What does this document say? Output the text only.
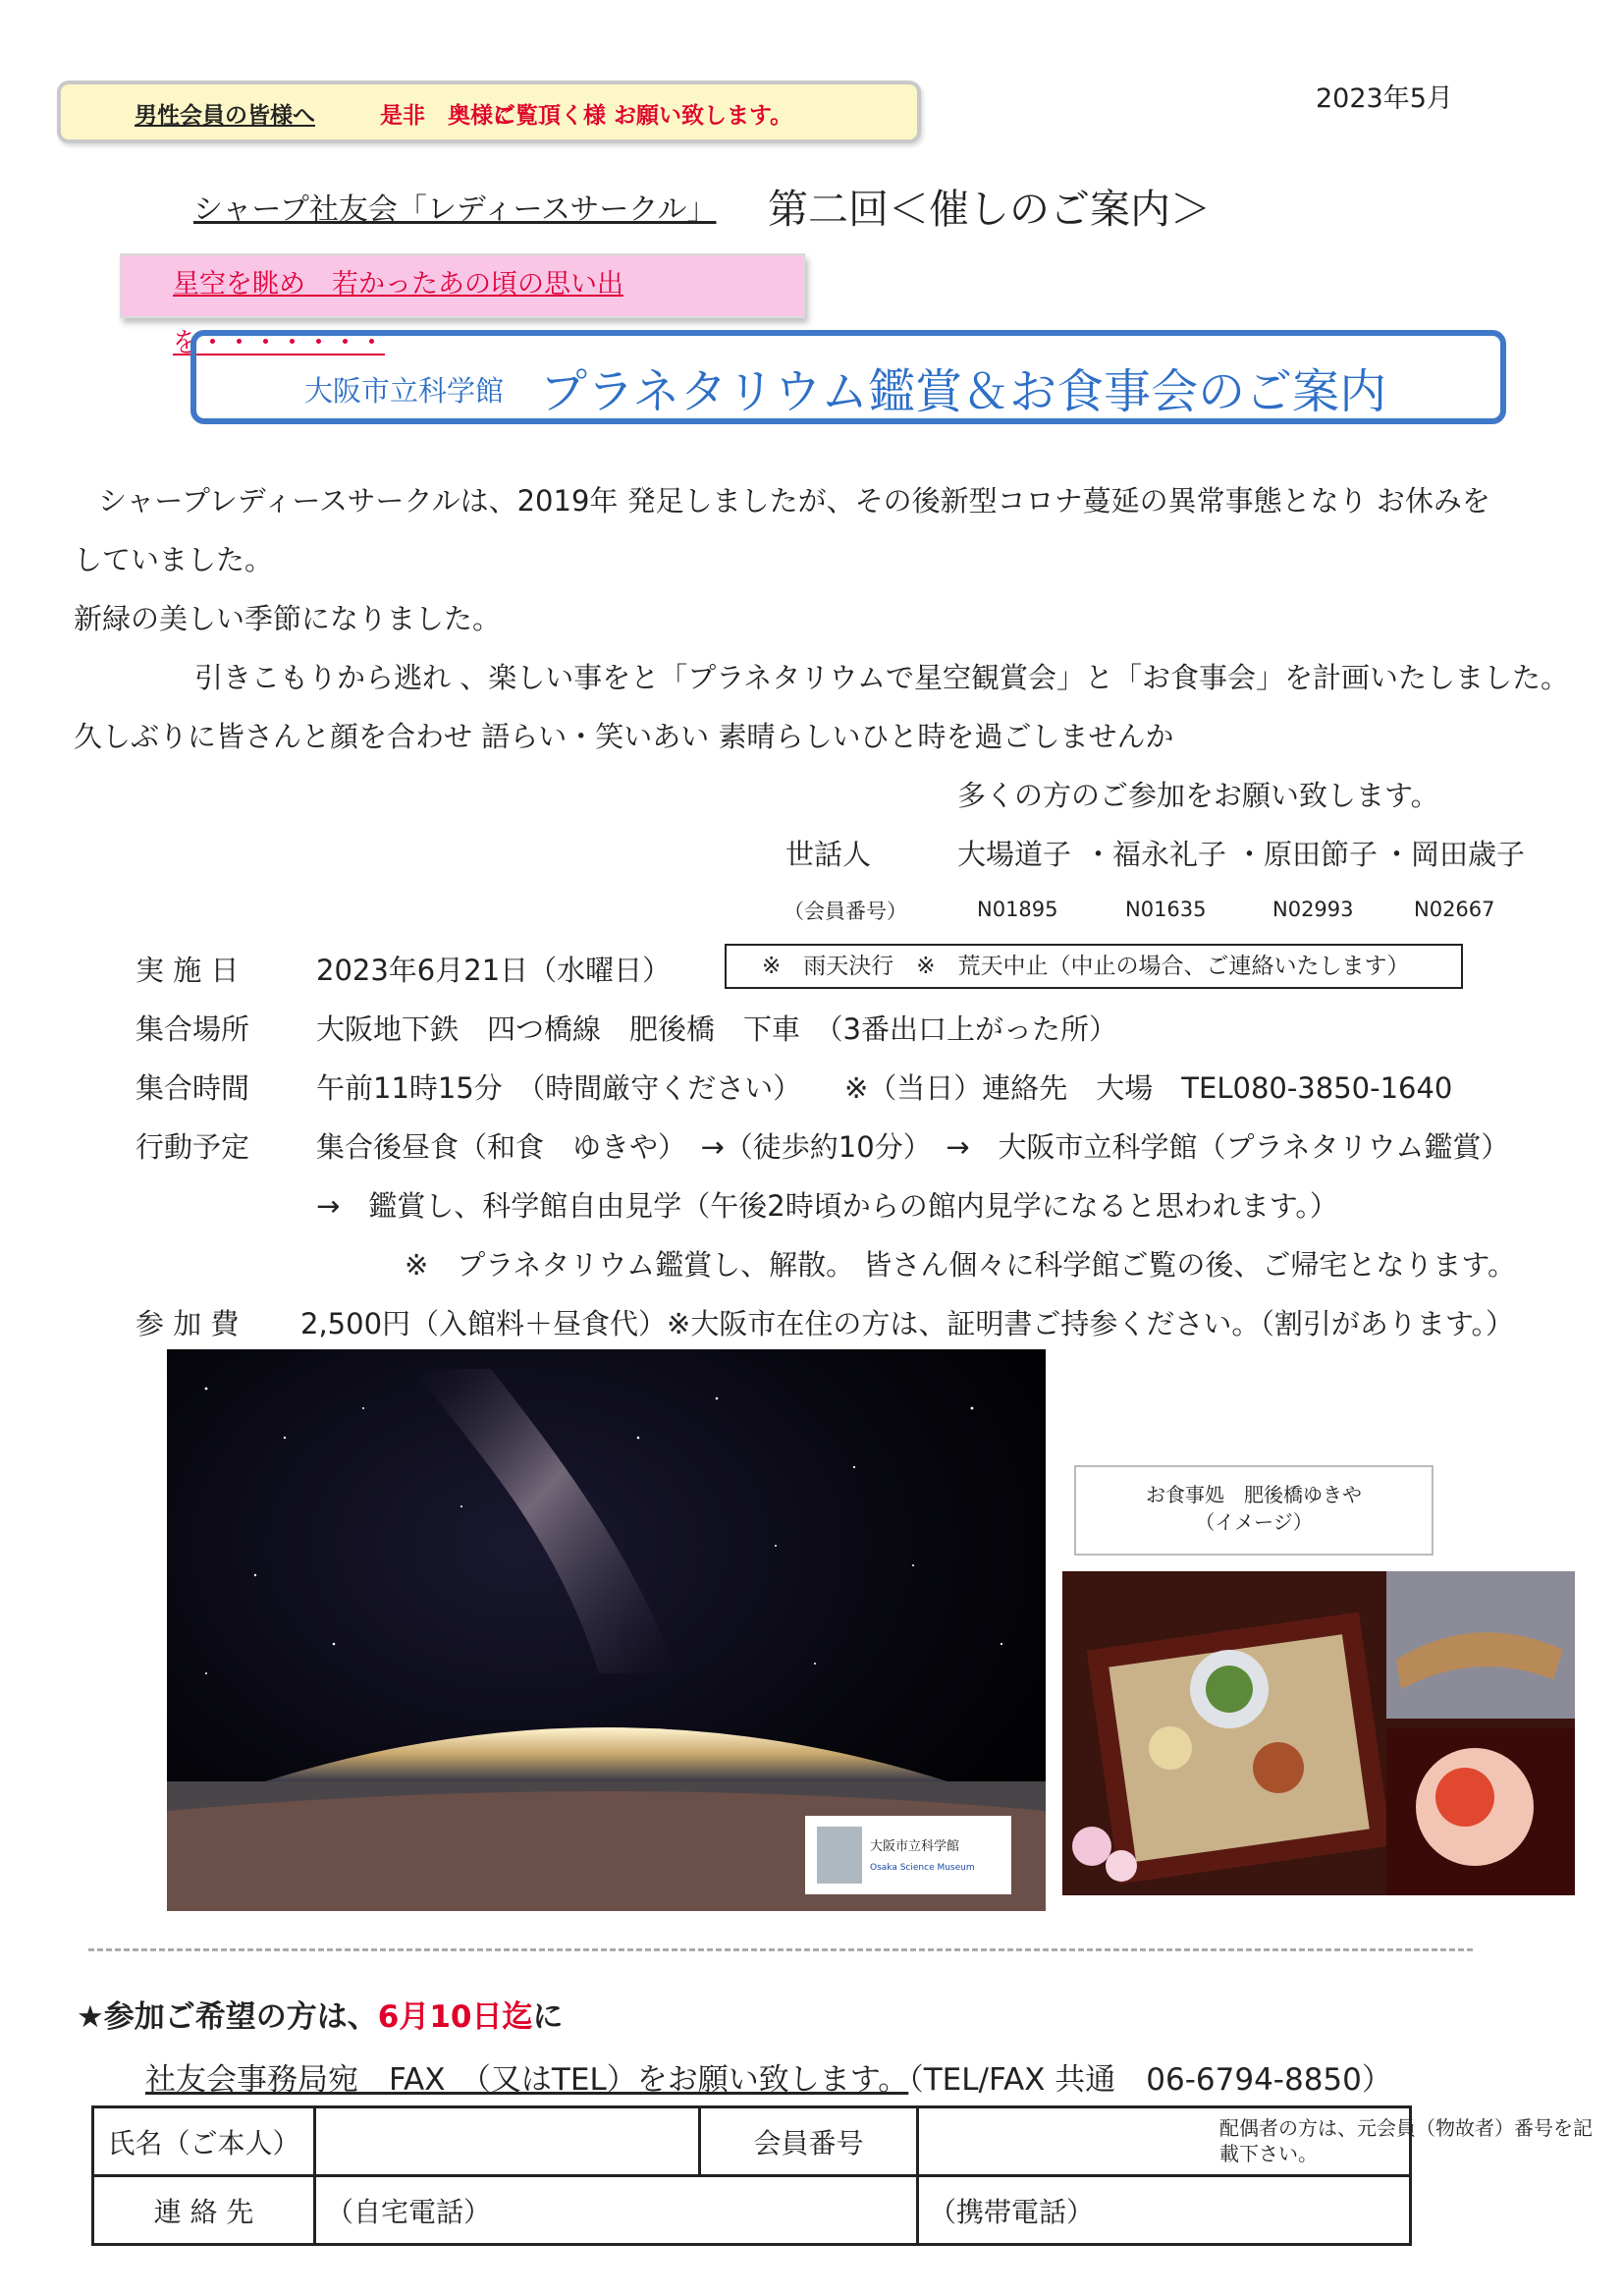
2023年5月
男性会員の皆様へ	是非　奥様に
ご覧頂く様 お願い致します。
シャープ社友会「レディースサークル」 第二回＜催しのご案内＞
星空を眺め　若かったあの頃の思い出を・・・・・・・
大阪市立科学館 プラネタリウム鑑賞＆お食事会のご案内
シャープレディースサークルは、2019年 発足しましたが、その後新型コロナ蔓延の異常事態となり お休みを
していました。
新緑の美しい季節になりました。
引きこもりから逃れ 、楽しい事をと「プラネタリウムで星空観賞会」と「お食事会」を計画いたしました。
久しぶりに皆さんと顔を合わせ 語らい・笑いあい 素晴らしいひと時を過ごしませんか
多くの方のご参加をお願い致します。
世話人	大場道子 ・福永礼子 ・原田節子 ・岡田歳子
（会員番号）	N01895	N01635	N02993	N02667
実 施 日	2023年6月21日（水曜日）	※　雨天決行　※　荒天中止（中止の場合、ご連絡いたします）
集合場所 大阪地下鉄　四つ橋線　肥後橋　下車　（3番出口上がった所）
集合時間 午前11時15分　（時間厳守ください） ※（当日）連絡先　大場　TEL080-3850-1640
行動予定 集合後昼食（和食　ゆきや）　→（徒歩約10分）　→　大阪市立科学館（プラネタリウム鑑賞）
→　鑑賞し、科学館自由見学（午後2時頃からの館内見学になると思われます。）
※　プラネタリウム鑑賞し、解散。 皆さん個々に科学館ご覧の後、ご帰宅となります。
参 加 費 2,500円（入館料＋昼食代）※大阪市在住の方は、証明書ご持参ください。（割引があります。）
大阪市立科学館
Osaka Science Museum
お食事処　肥後橋ゆきや
（イメージ）
★参加ご希望の方は、6月10日迄に
社友会事務局宛　FAX　（又はTEL）をお願い致します。（TEL/FAX 共通　06-6794-8850）
氏名（ご本人）		会員番号	
連 絡 先	（自宅電話）		（携帯電話）
配偶者の方は、元会員（物故者）番号を記載下さい。
